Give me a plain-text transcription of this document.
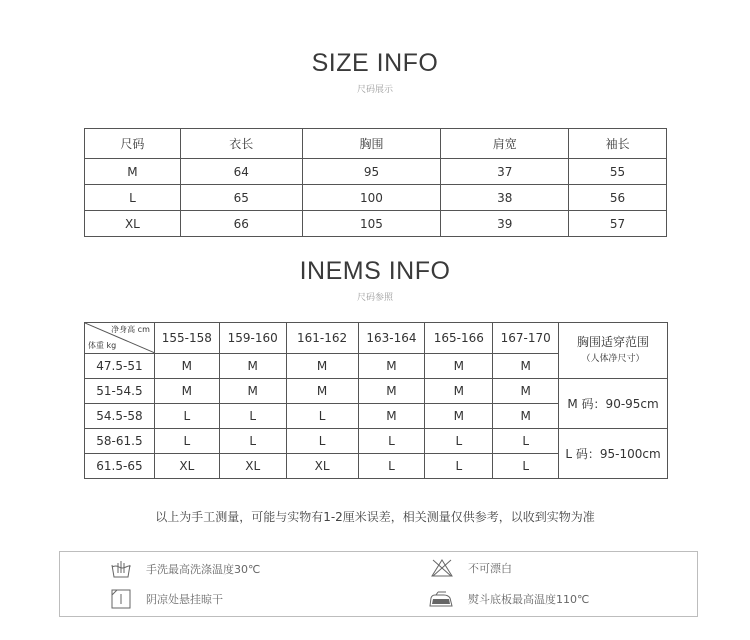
SIZE INFO
尺码展示
尺码	衣长	胸围	肩宽	袖长
M	64	95	37	55
L	65	100	38	56
XL	66	105	39	57
INEMS INFO
尺码参照
净身高 cm
体重 kg	155-158	159-160	161-162	163-164	165-166	167-170	胸围适穿范围
（人体净尺寸）

47.5-51	M	M	M	M	M	M	
51-54.5	M	M	M	M	M	M	M 码：90-95cm
54.5-58	L	L	L	M	M	M	
58-61.5	L	L	L	L	L	L	L 码：95-100cm
61.5-65	XL	XL	XL	L	L	L	
以上为手工测量，可能与实物有1-2厘米误差，相关测量仅供参考，以收到实物为准
手洗最高洗涤温度30℃	不可漂白
阴凉处悬挂晾干	熨斗底板最高温度110℃
